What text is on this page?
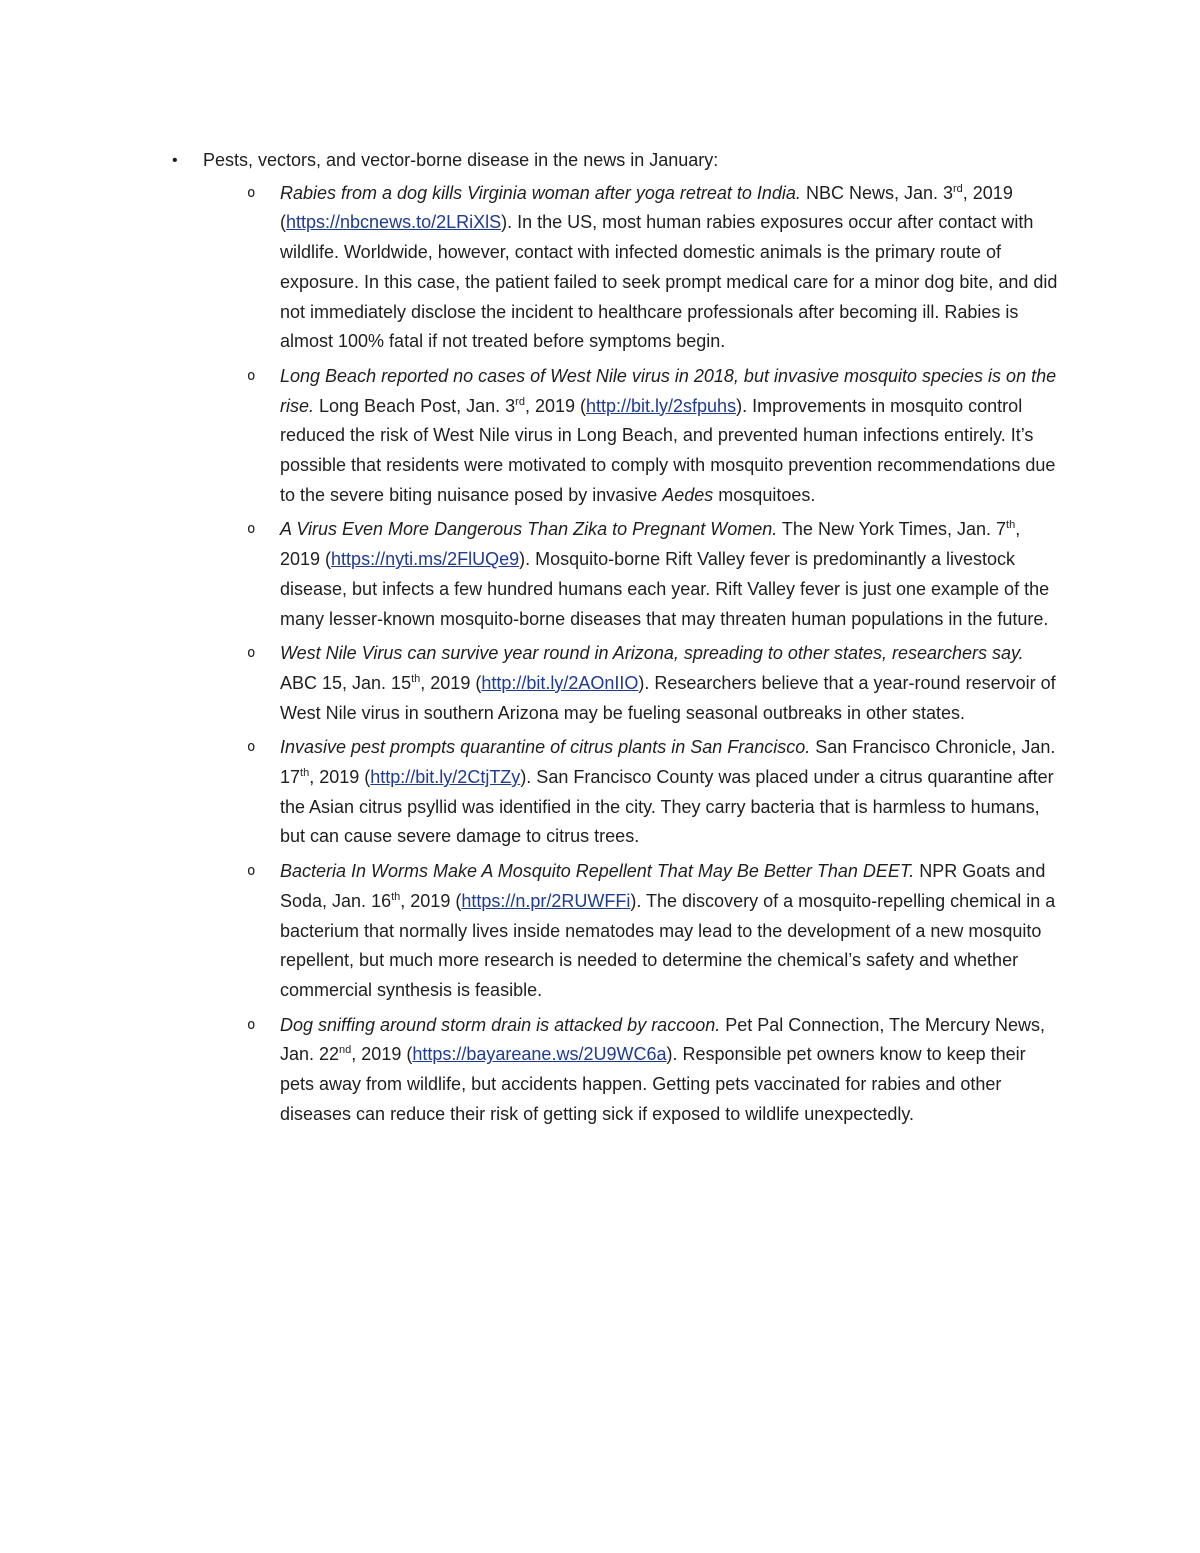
•	Pests, vectors, and vector-borne disease in the news in January:
o	Rabies from a dog kills Virginia woman after yoga retreat to India. NBC News, Jan. 3rd, 2019 (https://nbcnews.to/2LRiXlS). In the US, most human rabies exposures occur after contact with wildlife. Worldwide, however, contact with infected domestic animals is the primary route of exposure. In this case, the patient failed to seek prompt medical care for a minor dog bite, and did not immediately disclose the incident to healthcare professionals after becoming ill. Rabies is almost 100% fatal if not treated before symptoms begin.
o	Long Beach reported no cases of West Nile virus in 2018, but invasive mosquito species is on the rise. Long Beach Post, Jan. 3rd, 2019 (http://bit.ly/2sfpuhs). Improvements in mosquito control reduced the risk of West Nile virus in Long Beach, and prevented human infections entirely. It’s possible that residents were motivated to comply with mosquito prevention recommendations due to the severe biting nuisance posed by invasive Aedes mosquitoes.
o	A Virus Even More Dangerous Than Zika to Pregnant Women. The New York Times, Jan. 7th, 2019 (https://nyti.ms/2FlUQe9). Mosquito-borne Rift Valley fever is predominantly a livestock disease, but infects a few hundred humans each year. Rift Valley fever is just one example of the many lesser-known mosquito-borne diseases that may threaten human populations in the future.
o	West Nile Virus can survive year round in Arizona, spreading to other states, researchers say. ABC 15, Jan. 15th, 2019 (http://bit.ly/2AOnIIO). Researchers believe that a year-round reservoir of West Nile virus in southern Arizona may be fueling seasonal outbreaks in other states.
o	Invasive pest prompts quarantine of citrus plants in San Francisco. San Francisco Chronicle, Jan. 17th, 2019 (http://bit.ly/2CtjTZy). San Francisco County was placed under a citrus quarantine after the Asian citrus psyllid was identified in the city. They carry bacteria that is harmless to humans, but can cause severe damage to citrus trees.
o	Bacteria In Worms Make A Mosquito Repellent That May Be Better Than DEET. NPR Goats and Soda, Jan. 16th, 2019 (https://n.pr/2RUWFFi). The discovery of a mosquito-repelling chemical in a bacterium that normally lives inside nematodes may lead to the development of a new mosquito repellent, but much more research is needed to determine the chemical’s safety and whether commercial synthesis is feasible.
o	Dog sniffing around storm drain is attacked by raccoon. Pet Pal Connection, The Mercury News, Jan. 22nd, 2019 (https://bayareane.ws/2U9WC6a). Responsible pet owners know to keep their pets away from wildlife, but accidents happen. Getting pets vaccinated for rabies and other diseases can reduce their risk of getting sick if exposed to wildlife unexpectedly.
